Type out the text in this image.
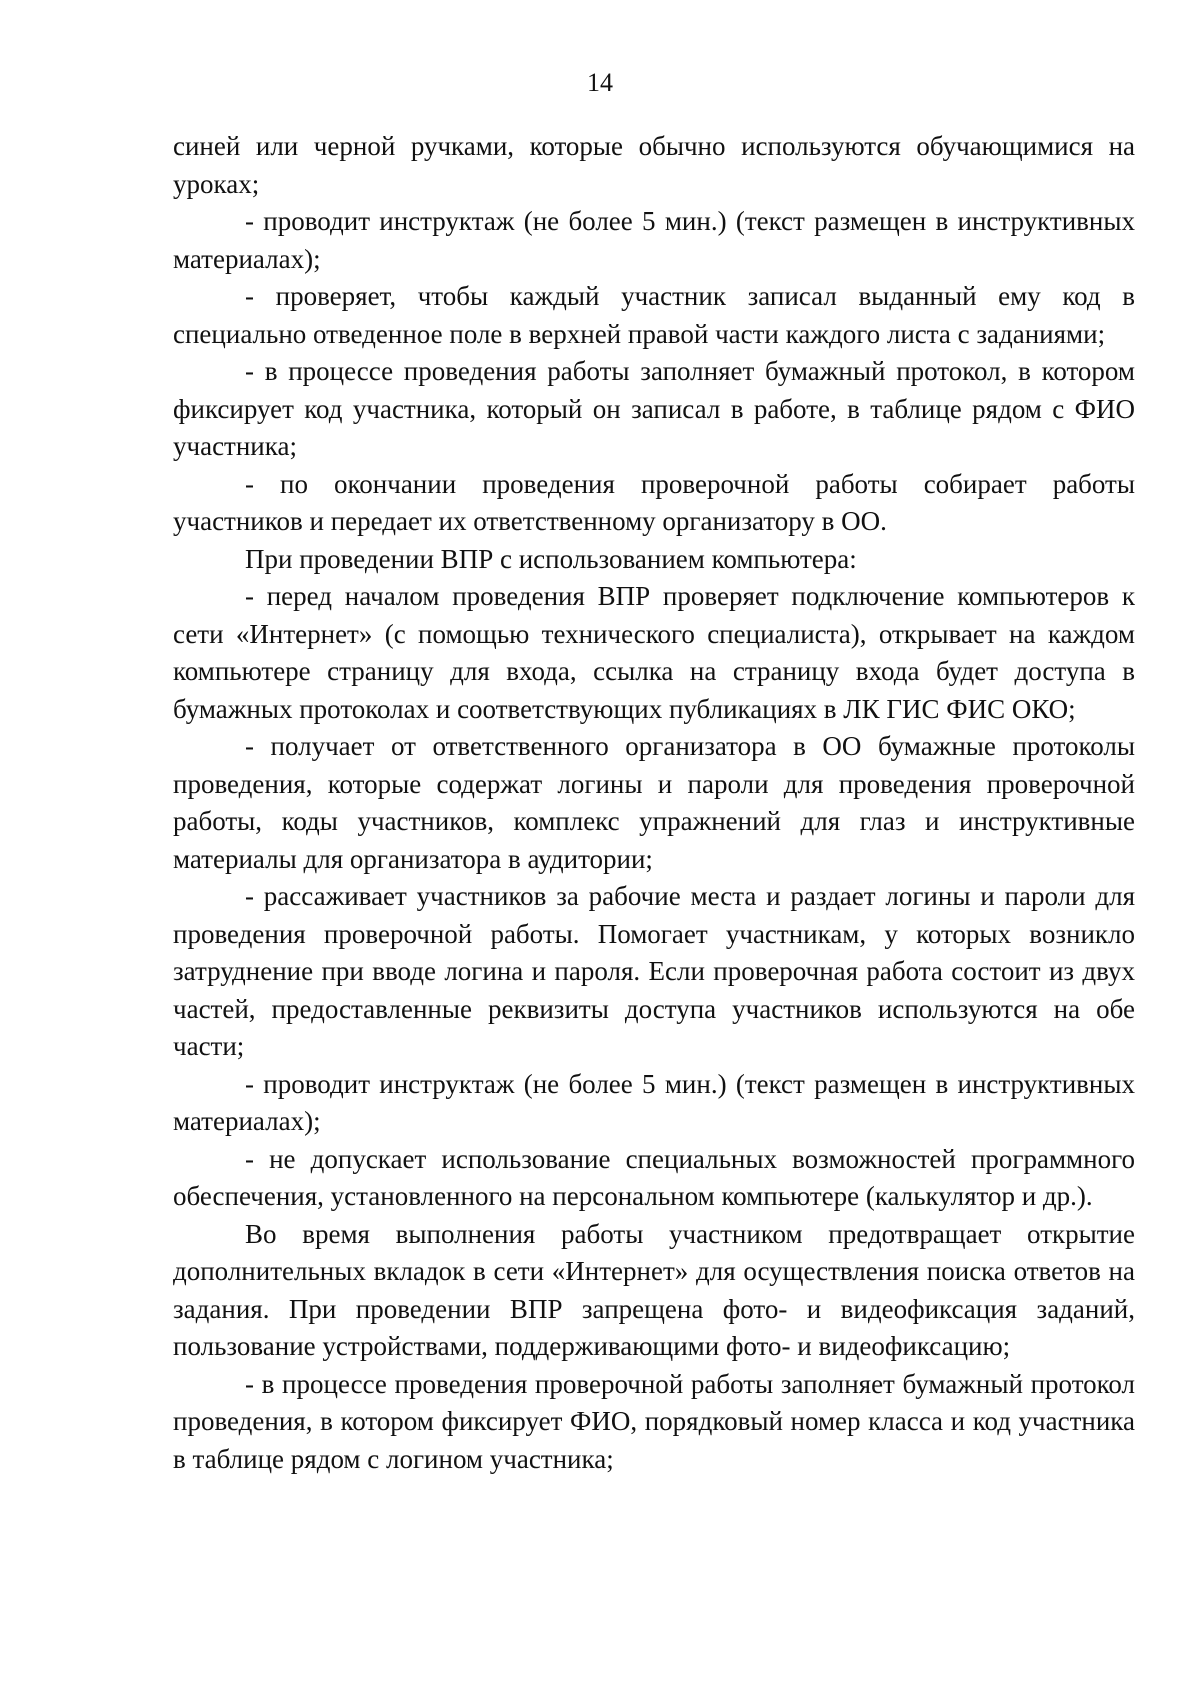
14

синей или черной ручками, которые обычно используются обучающимися на уроках;

- проводит инструктаж (не более 5 мин.) (текст размещен в инструктивных материалах);

- проверяет, чтобы каждый участник записал выданный ему код в специально отведенное поле в верхней правой части каждого листа с заданиями;

- в процессе проведения работы заполняет бумажный протокол, в котором фиксирует код участника, который он записал в работе, в таблице рядом с ФИО участника;

- по окончании проведения проверочной работы собирает работы участников и передает их ответственному организатору в ОО.

При проведении ВПР с использованием компьютера:

- перед началом проведения ВПР проверяет подключение компьютеров к сети «Интернет» (с помощью технического специалиста), открывает на каждом компьютере страницу для входа, ссылка на страницу входа будет доступа в бумажных протоколах и соответствующих публикациях в ЛК ГИС ФИС ОКО;

- получает от ответственного организатора в ОО бумажные протоколы проведения, которые содержат логины и пароли для проведения проверочной работы, коды участников, комплекс упражнений для глаз и инструктивные материалы для организатора в аудитории;

- рассаживает участников за рабочие места и раздает логины и пароли для проведения проверочной работы. Помогает участникам, у которых возникло затруднение при вводе логина и пароля. Если проверочная работа состоит из двух частей, предоставленные реквизиты доступа участников используются на обе части;

- проводит инструктаж (не более 5 мин.) (текст размещен в инструктивных материалах);

- не допускает использование специальных возможностей программного обеспечения, установленного на персональном компьютере (калькулятор и др.).

Во время выполнения работы участником предотвращает открытие дополнительных вкладок в сети «Интернет» для осуществления поиска ответов на задания. При проведении ВПР запрещена фото- и видеофиксация заданий, пользование устройствами, поддерживающими фото- и видеофиксацию;

- в процессе проведения проверочной работы заполняет бумажный протокол проведения, в котором фиксирует ФИО, порядковый номер класса и код участника в таблице рядом с логином участника;
